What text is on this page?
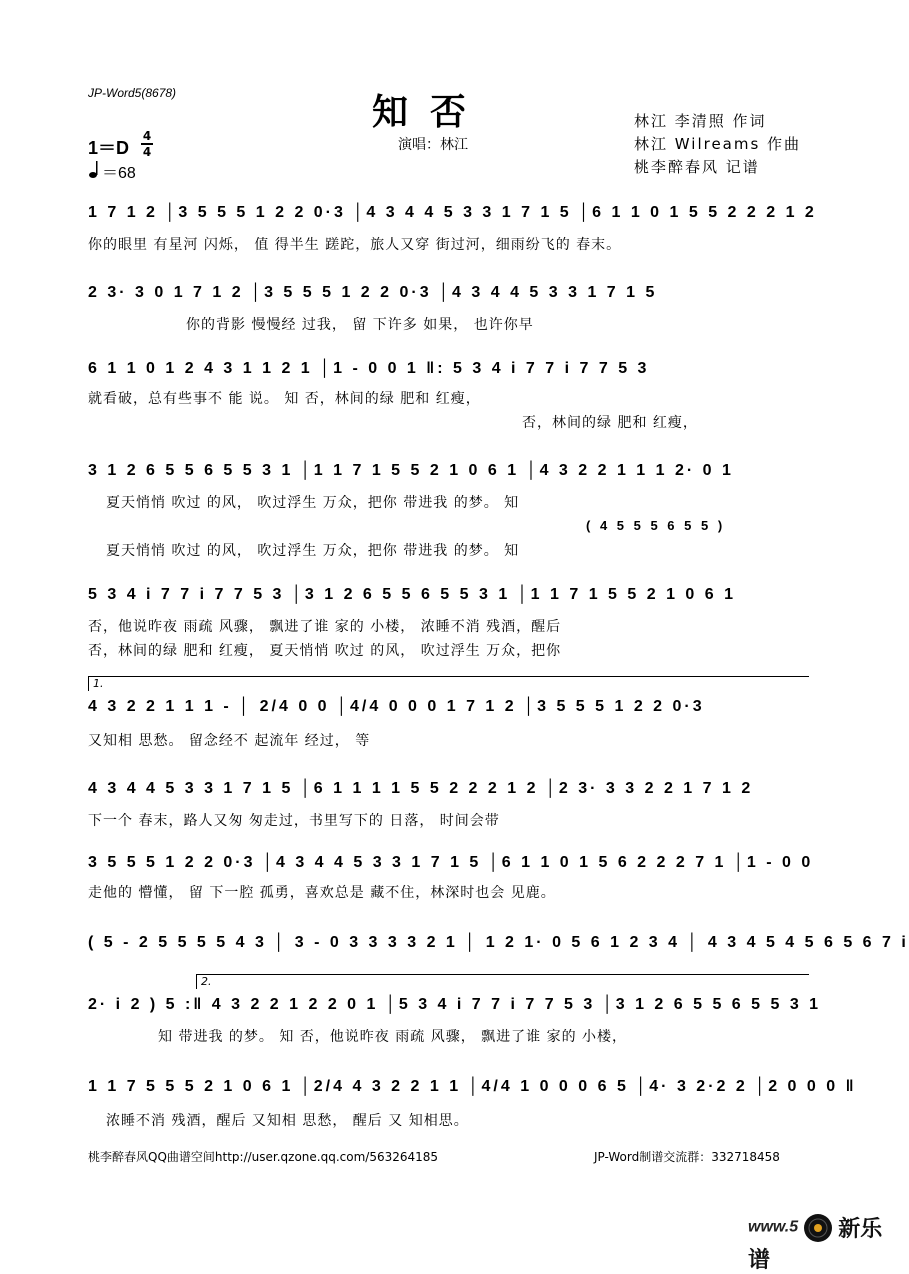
JP-Word5(8678)	知否
演唱：林江
林江 李清照 作词
林江 Wilreams 作曲
桃李醉春风 记谱
1＝D
4
4
＝68
1 7 1 2 │3 5 5 5 1 2 2 0·3 │4 3 4 4 5 3 3 1 7 1 5 │6 1 1 0 1 5 5 2 2 2 1 2
你的眼里 有星河 闪烁， 值 得半生 蹉跎，旅人又穿 街过河，细雨纷飞的 春末。
2 3· 3 0 1 7 1 2 │3 5 5 5 1 2 2 0·3 │4 3 4 4 5 3 3 1 7 1 5
你的背影 慢慢经 过我， 留 下许多 如果， 也许你早
6 1 1 0 1 2 4 3 1 1 2 1 │1 - 0 0 1 ‖: 5 3 4 i 7 7 i 7 7 5 3
就看破，总有些事不 能 说。 知 否，林间的绿 肥和 红瘦，
否，林间的绿 肥和 红瘦，
3 1 2 6 5 5 6 5 5 3 1 │1 1 7 1 5 5 2 1 0 6 1 │4 3 2 2 1 1 1 2· 0 1
夏天悄悄 吹过 的风， 吹过浮生 万众，把你 带进我 的梦。 知
( 4 5 5 5 6 5 5 )
夏天悄悄 吹过 的风， 吹过浮生 万众，把你 带进我 的梦。 知
5 3 4 i 7 7 i 7 7 5 3 │3 1 2 6 5 5 6 5 5 3 1 │1 1 7 1 5 5 2 1 0 6 1
否，他说昨夜 雨疏 风骤， 飘进了谁 家的 小楼， 浓睡不消 残酒，醒后
否，林间的绿 肥和 红瘦， 夏天悄悄 吹过 的风， 吹过浮生 万众，把你
1.
4 3 2 2 1 1 1 - │ 2/4 0 0 │4/4 0 0 0 1 7 1 2 │3 5 5 5 1 2 2 0·3
又知相 思愁。 留念经不 起流年 经过， 等
4 3 4 4 5 3 3 1 7 1 5 │6 1 1 1 1 5 5 2 2 2 1 2 │2 3· 3 3 2 2 1 7 1 2
下一个 春末，路人又匆 匆走过，书里写下的 日落， 时间会带
3 5 5 5 1 2 2 0·3 │4 3 4 4 5 3 3 1 7 1 5 │6 1 1 0 1 5 6 2 2 2 7 1 │1 - 0 0
走他的 懵懂， 留 下一腔 孤勇，喜欢总是 藏不住，林深时也会 见鹿。
( 5 - 2 5 5 5 5 4 3 │ 3 - 0 3 3 3 3 2 1 │ 1 2 1· 0 5 6 1 2 3 4 │ 4 3 4 5 4 5 6 5 6 7 i
2.
2· i 2 ) 5 :‖ 4 3 2 2 1 2 2 0 1 │5 3 4 i 7 7 i 7 7 5 3 │3 1 2 6 5 5 6 5 5 3 1
知 带进我 的梦。 知 否，他说昨夜 雨疏 风骤， 飘进了谁 家的 小楼，
1 1 7 5 5 5 2 1 0 6 1 │2/4 4 3 2 2 1 1 │4/4 1 0 0 0 6 5 │4· 3 2·2 2 │2 0 0 0 ‖
浓睡不消 残酒，醒后 又知相 思愁， 醒后 又 知相思。
桃李醉春风QQ曲谱空间http://user.qzone.qq.com/563264185	JP-Word制谱交流群：332718458
www.5 新乐谱
